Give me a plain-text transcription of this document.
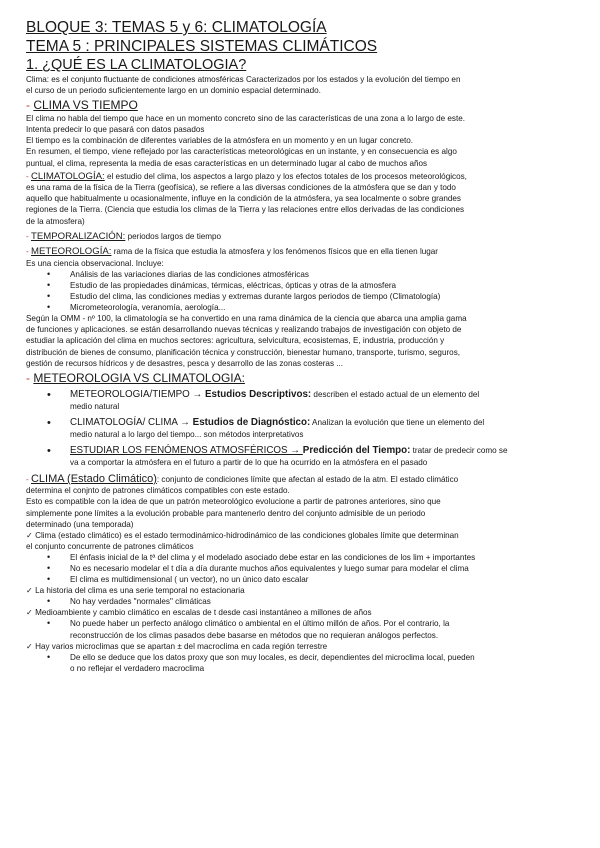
BLOQUE 3: TEMAS 5 y 6: CLIMATOLOGÍA
TEMA 5 : PRINCIPALES SISTEMAS CLIMÁTICOS
1. ¿QUÉ ES LA CLIMATOLOGIA?

Clima: es el conjunto fluctuante de condiciones atmosféricas Caracterizados por los estados y la evolución del tiempo en

el curso de un periodo suficientemente largo en un dominio espacial determinado.

- CLIMA VS TIEMPO

El clima no habla del tiempo que hace en un momento concreto sino de las características de una zona a lo largo de este.

Intenta predecir lo que pasará con datos pasados

El tiempo es la combinación de diferentes variables de la atmósfera en un momento y en un lugar concreto.

En resumen, el tiempo, viene reflejado por las características meteorológicas en un instante, y en consecuencia es algo

puntual, el clima, representa la media de esas características en un determinado lugar al cabo de muchos años

- CLIMATOLOGÍA: el estudio del clima, los aspectos a largo plazo y los efectos totales de los procesos meteorológicos,

es una rama de la física de la Tierra (geofísica), se refiere a las diversas condiciones de la atmósfera que se dan y todo

aquello que habitualmente u ocasionalmente, influye en la condición de la atmósfera, ya sea localmente o sobre grandes

regiones de la Tierra. (Ciencia que estudia los climas de la Tierra y las relaciones entre ellos derivadas de las condiciones

de la atmosfera)

- TEMPORALIZACIÓN: periodos largos de tiempo
- METEOROLOGÍA: rama de la física que estudia la atmosfera y los fenómenos físicos que en ella tienen lugar

Es una ciencia observacional. Incluye:

• Análisis de las variaciones diarias de las condiciones atmosféricas
• Estudio de las propiedades dinámicas, térmicas, eléctricas, ópticas y otras de la atmosfera
• Estudio del clima, las condiciones medias y extremas durante largos periodos de tiempo (Climatología)
• Micrometeorología, veranomía, aerología...

Según la OMM - nº 100, la climatología se ha convertido en una rama dinámica de la ciencia que abarca una amplia gama

de funciones y aplicaciones. se están desarrollando nuevas técnicas y realizando trabajos de investigación con objeto de

estudiar la aplicación del clima en muchos sectores: agricultura, selvicultura, ecosistemas, E, industria, producción y

distribución de bienes de consumo, planificación técnica y construcción, bienestar humano, transporte, turismo, seguros,

gestión de recursos hídricos y de desastres, pesca y desarrollo de las zonas costeras ...

- METEOROLOGIA VS CLIMATOLOGIA:
• METEOROLOGIA/TIEMPO → Estudios Descriptivos: describen el estado actual de un elemento del
medio natural
• CLIMATOLOGÍA/ CLIMA → Estudios de Diagnóstico: Analizan la evolución que tiene un elemento del
medio natural a lo largo del tiempo... son métodos interpretativos
• ESTUDIAR LOS FENÓMENOS ATMOSFÉRICOS → Predicción del Tiempo: tratar de predecir como se
va a comportar la atmósfera en el futuro a partir de lo que ha ocurrido en la atmósfera en el pasado
- CLIMA (Estado Climático): conjunto de condiciones límite que afectan al estado de la atm. El estado climático

determina el conjnto de patrones climáticos compatibles con este estado.

Esto es compatible con la idea de que un patrón meteorológico evolucione a partir de patrones anteriores, sino que

simplemente pone límites a la evolución probable para mantenerlo dentro del conjunto admisible de un periodo

determinado (una temporada)

✓ Clima (estado climático) es el estado termodinámico-hidrodinámico de las condiciones globales límite que determinan

el conjunto concurrente de patrones climáticos

• El énfasis inicial de la tª del clima y el modelado asociado debe estar en las condiciones de los lim + importantes
• No es necesario modelar el t día a día durante muchos años equivalentes y luego sumar para modelar el clima
• El clima es multidimensional ( un vector), no un único dato escalar

✓ La historia del clima es una serie temporal no estacionaria

• No hay verdades "normales" climáticas

✓ Medioambiente y cambio climático en escalas de t desde casi instantáneo a millones de años

• No puede haber un perfecto análogo climático o ambiental en el último millón de años. Por el contrario, la
reconstrucción de los climas pasados debe basarse en métodos que no requieran análogos perfectos.

✓ Hay varios microclimas que se apartan ± del macroclima en cada región terrestre

• De ello se deduce que los datos proxy que son muy locales, es decir, dependientes del microclima local, pueden
o no reflejar el verdadero macroclima
